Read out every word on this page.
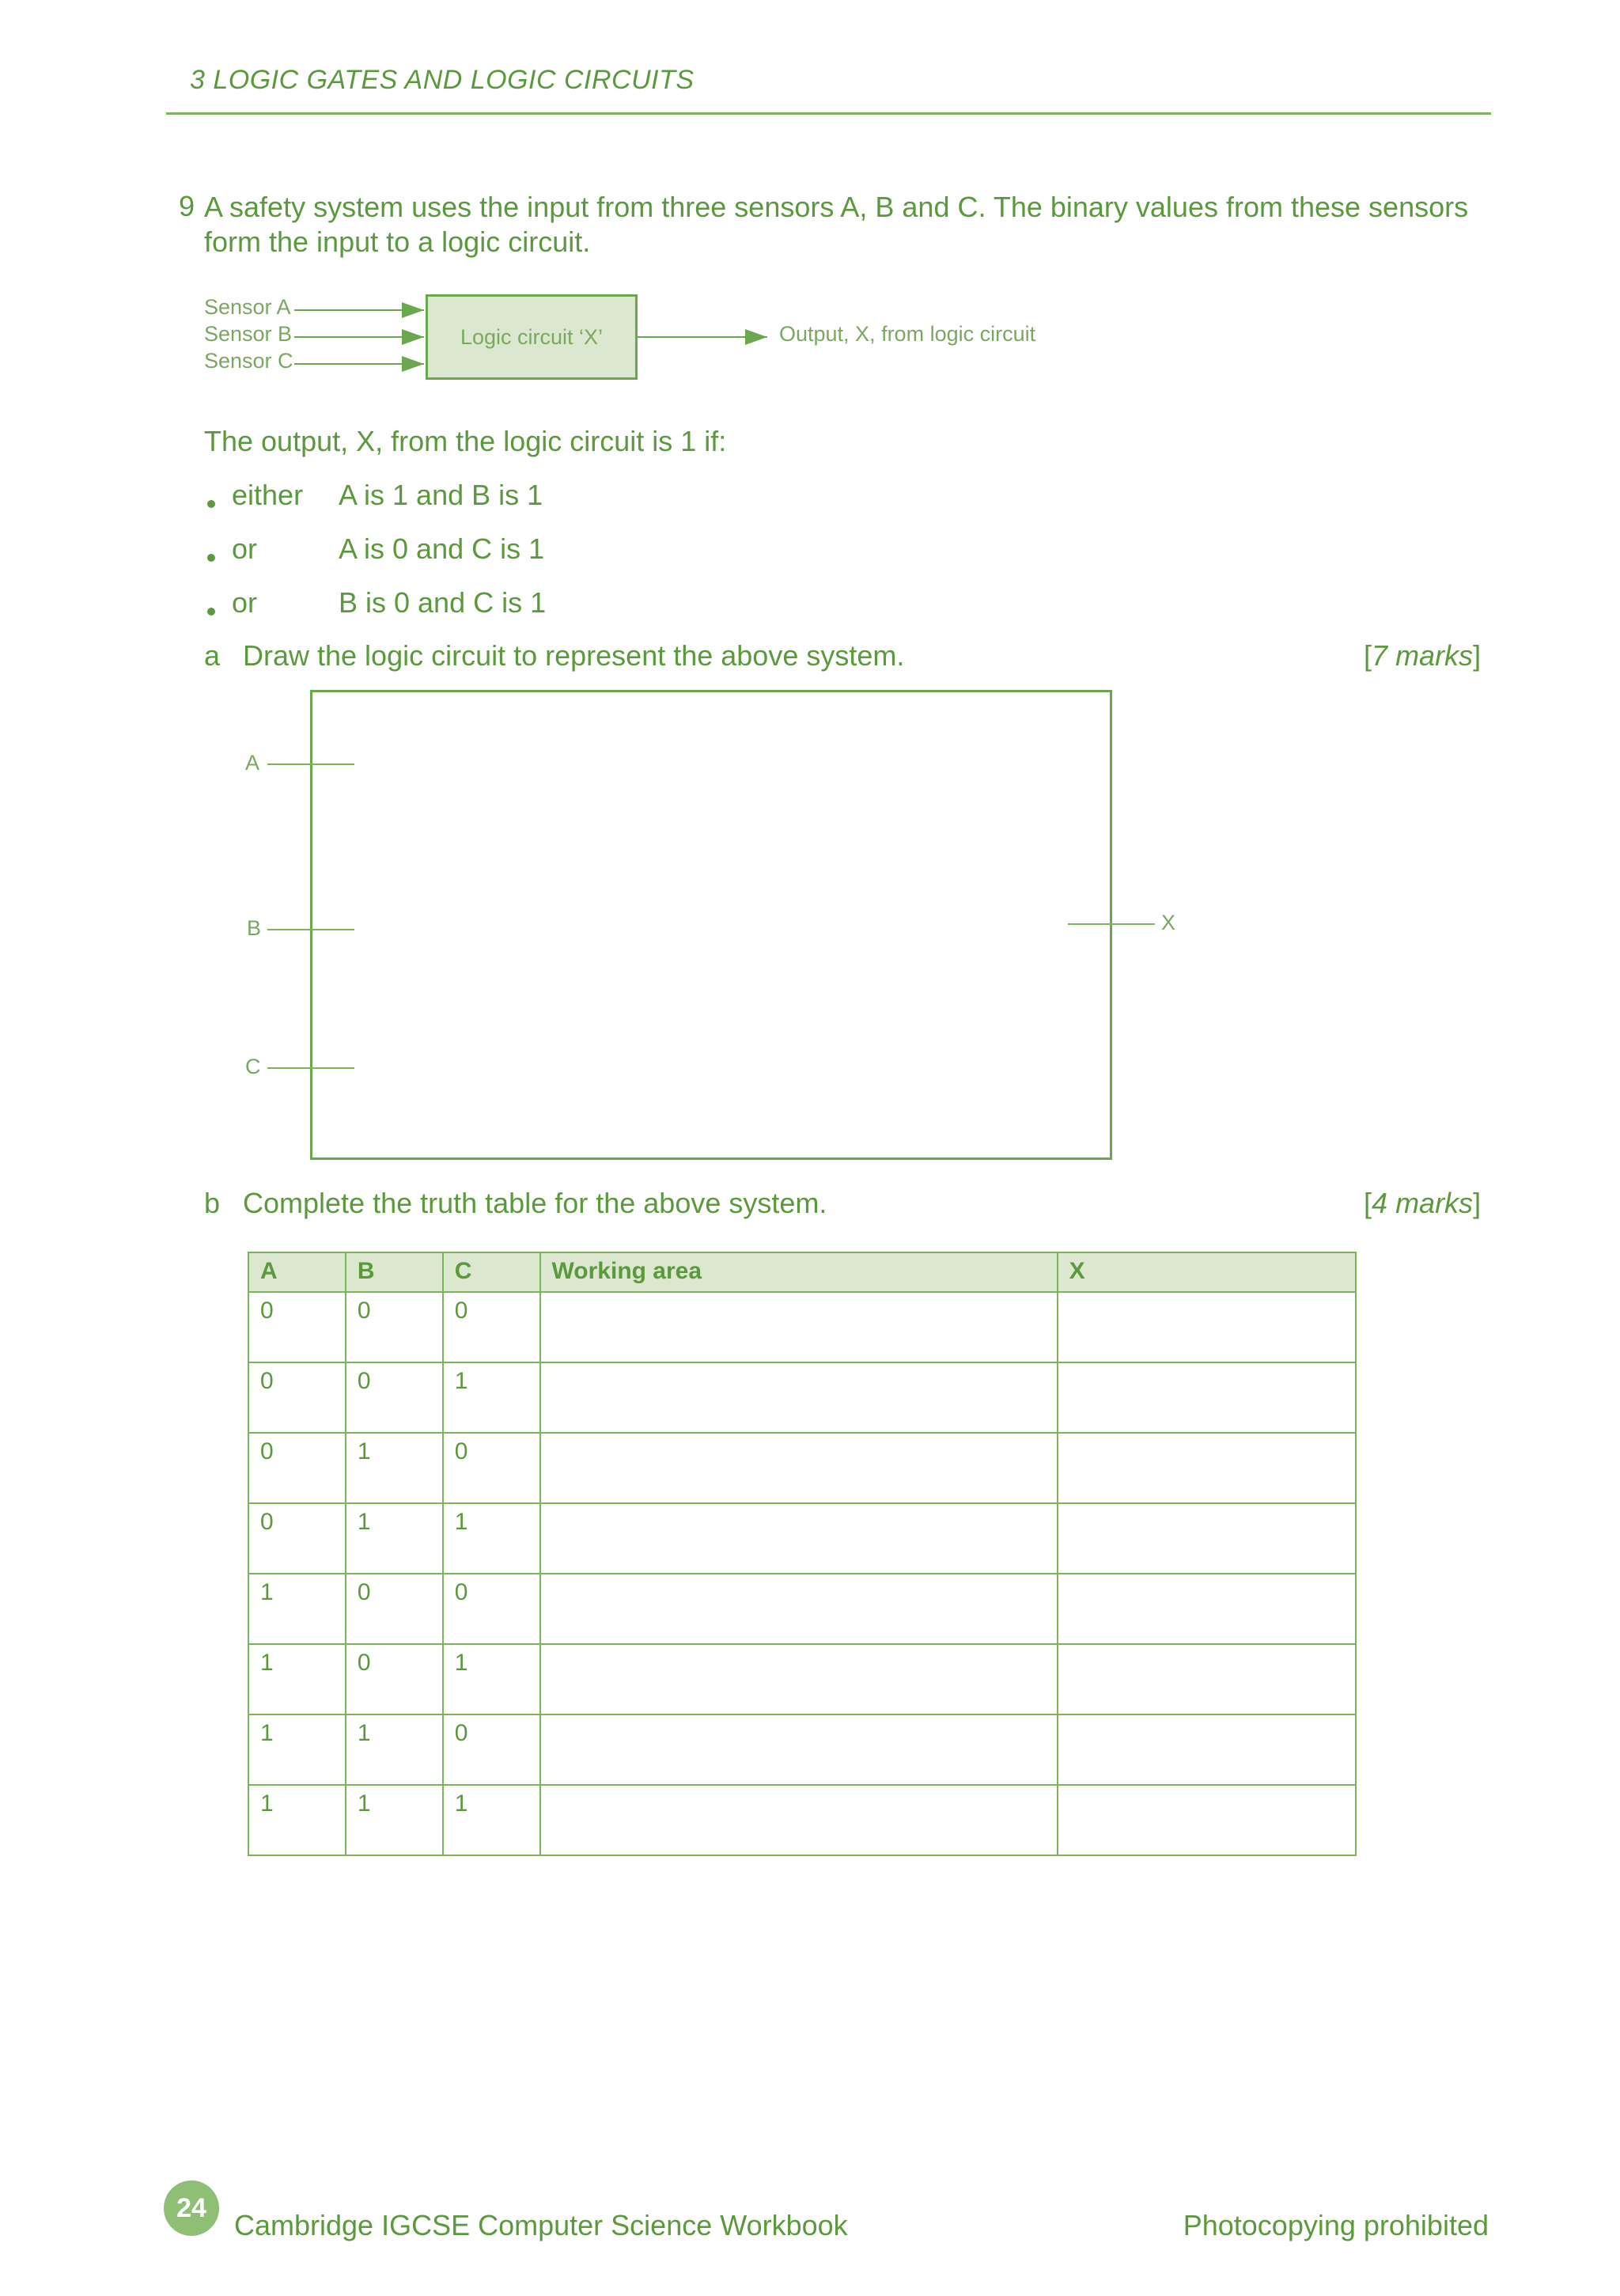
3 LOGIC GATES AND LOGIC CIRCUITS
9 A safety system uses the input from three sensors A, B and C. The binary values from these sensors form the input to a logic circuit.
Sensor A
Sensor B
Sensor C
Logic circuit ‘X’	Output, X, from logic circuit
The output, X, from the logic circuit is 1 if:
either A is 1 and B is 1
or	A is 0 and C is 1
or	B is 0 and C is 1
a Draw the logic circuit to represent the above system.	[7 marks]
A
B
C
X
b Complete the truth table for the above system.	[4 marks]
A	B	C	Working area	X
0	0	0		
0	0	1		
0	1	0		
0	1	1		
1	0	0		
1	0	1		
1	1	0		
1	1	1		
24
Cambridge IGCSE Computer Science Workbook	Photocopying prohibited
